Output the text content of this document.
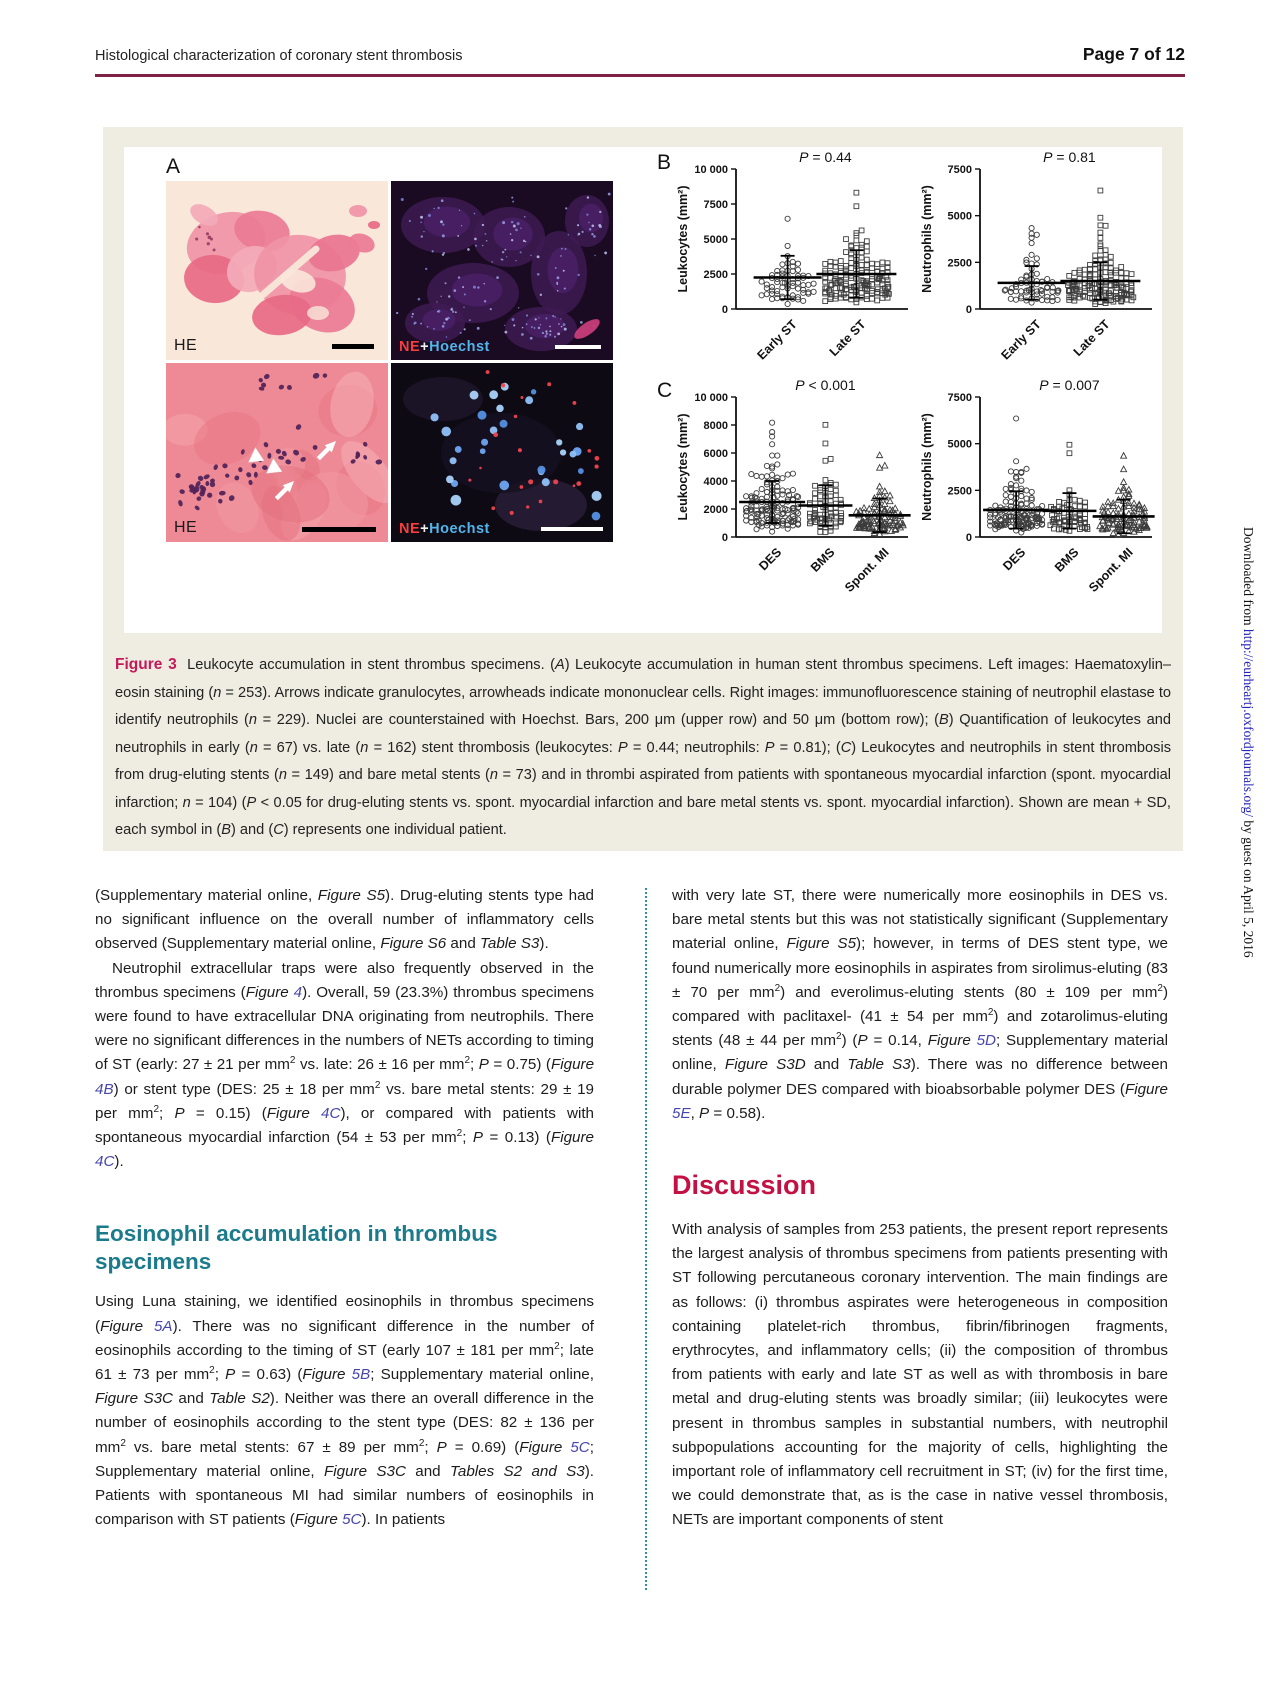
Histological characterization of coronary stent thrombosis	Page 7 of 12
A	B
C
HE	NE+Hoechst
HE	NE+Hoechst
0
2500
5000
7500
10 000
P = 0.44
Leukocytes (mm²)
Early ST Late ST
0
2500
5000
7500
P = 0.81
Neutrophils (mm²)
Early ST Late ST
0
2000
4000
6000
8000
10 000
P < 0.001
Leukocytes (mm²)
DES BMS Spont. MI
0
2500
5000
7500
P = 0.007
Neutrophils (mm²)
DES BMS Spont. MI

Figure 3 Leukocyte accumulation in stent thrombus specimens. (A) Leukocyte accumulation in human stent thrombus specimens. Left images: Haematoxylin–eosin staining (n = 253). Arrows indicate granulocytes, arrowheads indicate mononuclear cells. Right images: immunofluorescence staining of neutrophil elastase to identify neutrophils (n = 229). Nuclei are counterstained with Hoechst. Bars, 200 μm (upper row) and 50 μm (bottom row); (B) Quantification of leukocytes and neutrophils in early (n = 67) vs. late (n = 162) stent thrombosis (leukocytes: P = 0.44; neutrophils: P = 0.81); (C) Leukocytes and neutrophils in stent thrombosis from drug-eluting stents (n = 149) and bare metal stents (n = 73) and in thrombi aspirated from patients with spontaneous myocardial infarction (spont. myocardial infarction; n = 104) (P < 0.05 for drug-eluting stents vs. spont. myocardial infarction and bare metal stents vs. spont. myocardial infarction). Shown are mean + SD, each symbol in (B) and (C) represents one individual patient.

(Supplementary material online, Figure S5). Drug-eluting stents type had no significant influence on the overall number of inflammatory cells observed (Supplementary material online, Figure S6 and Table S3).

Neutrophil extracellular traps were also frequently observed in the thrombus specimens (Figure 4). Overall, 59 (23.3%) thrombus specimens were found to have extracellular DNA originating from neutrophils. There were no significant differences in the numbers of NETs according to timing of ST (early: 27 ± 21 per $mm^2$ vs. late: 26 ± 16 per $mm^2$; P = 0.75) (Figure 4B) or stent type (DES: 25 ± 18 per $mm^2$ vs. bare metal stents: 29 ± 19 per $mm^2$; P = 0.15) (Figure 4C), or compared with patients with spontaneous myocardial infarction (54 ± 53 per $mm^2$; P = 0.13) (Figure 4C).

Eosinophil accumulation in thrombus specimens

Using Luna staining, we identified eosinophils in thrombus specimens (Figure 5A). There was no significant difference in the number of eosinophils according to the timing of ST (early 107 ± 181 per $mm^2$; late 61 ± 73 per $mm^2$; P = 0.63) (Figure 5B; Supplementary material online, Figure S3C and Table S2). Neither was there an overall difference in the number of eosinophils according to the stent type (DES: 82 ± 136 per $mm^2$ vs. bare metal stents: 67 ± 89 per $mm^2$; P = 0.69) (Figure 5C; Supplementary material online, Figure S3C and Tables S2 and S3). Patients with spontaneous MI had similar numbers of eosinophils in comparison with ST patients (Figure 5C). In patients

with very late ST, there were numerically more eosinophils in DES vs. bare metal stents but this was not statistically significant (Supplementary material online, Figure S5); however, in terms of DES stent type, we found numerically more eosinophils in aspirates from sirolimus-eluting (83 ± 70 per $mm^2$) and everolimus-eluting stents (80 ± 109 per $mm^2$) compared with paclitaxel- (41 ± 54 per $mm^2$) and zotarolimus-eluting stents (48 ± 44 per $mm^2$) (P = 0.14, Figure 5D; Supplementary material online, Figure S3D and Table S3). There was no difference between durable polymer DES compared with bioabsorbable polymer DES (Figure 5E, P = 0.58).

Discussion

With analysis of samples from 253 patients, the present report represents the largest analysis of thrombus specimens from patients presenting with ST following percutaneous coronary intervention. The main findings are as follows: (i) thrombus aspirates were heterogeneous in composition containing platelet-rich thrombus, fibrin/fibrinogen fragments, erythrocytes, and inflammatory cells; (ii) the composition of thrombus from patients with early and late ST as well as with thrombosis in bare metal and drug-eluting stents was broadly similar; (iii) leukocytes were present in thrombus samples in substantial numbers, with neutrophil subpopulations accounting for the majority of cells, highlighting the important role of inflammatory cell recruitment in ST; (iv) for the first time, we could demonstrate that, as is the case in native vessel thrombosis, NETs are important components of stent

Downloaded from http://eurheartj.oxfordjournals.org/ by guest on April 5, 2016
